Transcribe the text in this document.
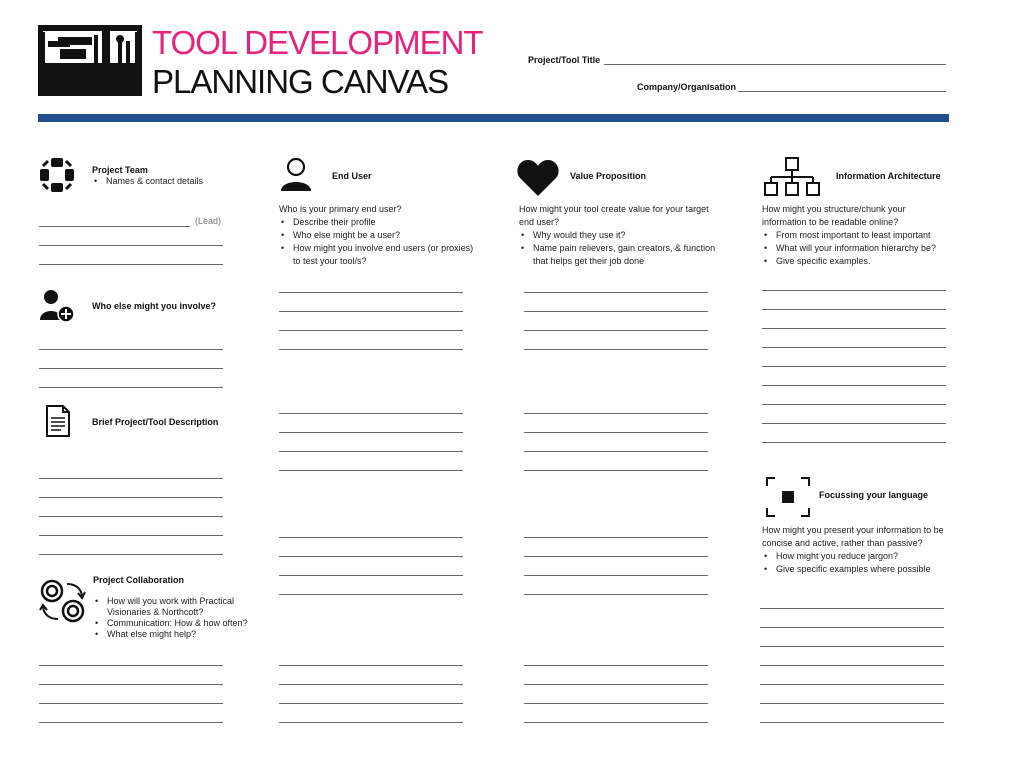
TOOL DEVELOPMENT
PLANNING CANVAS
Project/Tool Title
Company/Organisation
Project Team
• Names & contact details
(Lead)
Who else might you involve?
Brief Project/Tool Description
Project Collaboration
• How will you work with Practical Visionaries & Northcott?
• Communication: How & how often?
• What else might help?
End User
Who is your primary end user?
• Describe their profile
• Who else might be a user?
• How might you involve end users (or proxies) to test your tool/s?
Value Proposition
How might your tool create value for your target end user?
• Why would they use it?
• Name pain relievers, gain creators, & function that helps get their job done
Information Architecture
How might you structure/chunk your information to be readable online?
• From most important to least important
• What will your information hierarchy be?
• Give specific examples.
Focussing your language
How might you present your information to be concise and active, rather than passive?
• How might you reduce jargon?
• Give specific examples where possible
